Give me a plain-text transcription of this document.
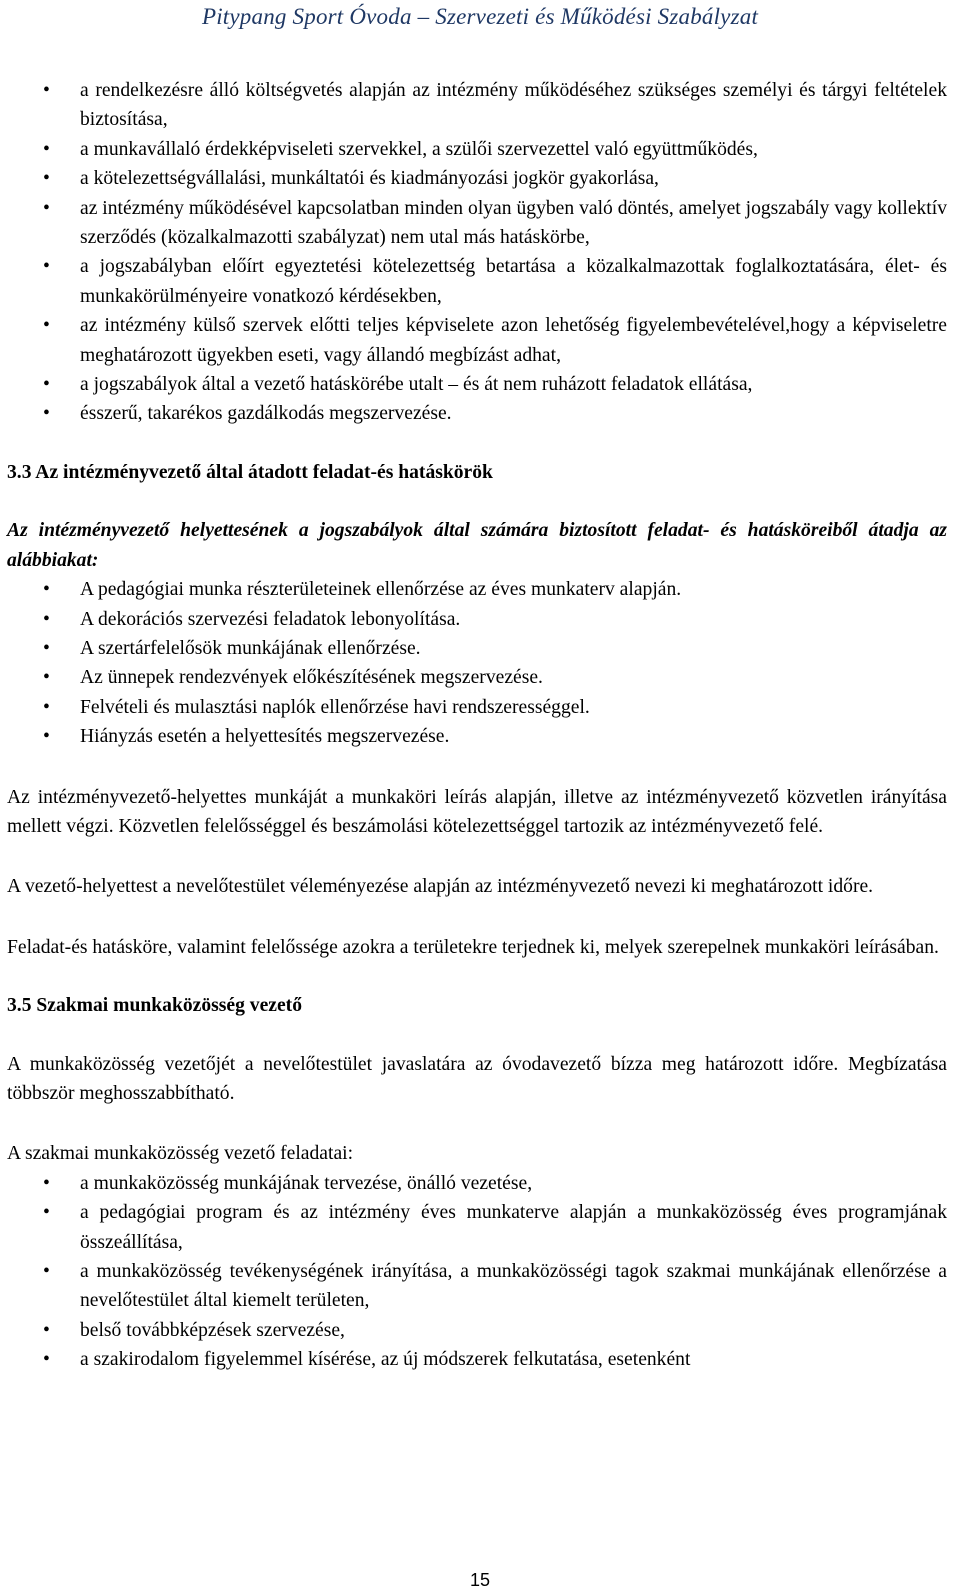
Pitypang Sport Óvoda – Szervezeti és Működési Szabályzat
• a rendelkezésre álló költségvetés alapján az intézmény működéséhez szükséges személyi és tárgyi feltételek biztosítása,
• a munkavállaló érdekképviseleti szervekkel, a szülői szervezettel való együttműködés,
• a kötelezettségvállalási, munkáltatói és kiadmányozási jogkör gyakorlása,
• az intézmény működésével kapcsolatban minden olyan ügyben való döntés, amelyet jogszabály vagy kollektív szerződés (közalkalmazotti szabályzat) nem utal más hatáskörbe,
• a jogszabályban előírt egyeztetési kötelezettség betartása a közalkalmazottak foglalkoztatására, élet- és munkakörülményeire vonatkozó kérdésekben,
• az intézmény külső szervek előtti teljes képviselete azon lehetőség figyelembevételével,hogy a képviseletre meghatározott ügyekben eseti, vagy állandó megbízást adhat,
• a jogszabályok által a vezető hatáskörébe utalt – és át nem ruházott feladatok ellátása,
• ésszerű, takarékos gazdálkodás megszervezése.

3.3 Az intézményvezető által átadott feladat-és hatáskörök

Az intézményvezető helyettesének a jogszabályok által számára biztosított feladat- és hatásköreiből átadja az alábbiakat:

• A pedagógiai munka részterületeinek ellenőrzése az éves munkaterv alapján.
• A dekorációs szervezési feladatok lebonyolítása.
• A szertárfelelősök munkájának ellenőrzése.
• Az ünnepek rendezvények előkészítésének megszervezése.
• Felvételi és mulasztási naplók ellenőrzése havi rendszerességgel.
• Hiányzás esetén a helyettesítés megszervezése.

Az intézményvezető-helyettes munkáját a munkaköri leírás alapján, illetve az intézményvezető közvetlen irányítása mellett végzi. Közvetlen felelősséggel és beszámolási kötelezettséggel tartozik az intézményvezető felé.

A vezető-helyettest a nevelőtestület véleményezése alapján az intézményvezető nevezi ki meghatározott időre.

Feladat-és hatásköre, valamint felelőssége azokra a területekre terjednek ki, melyek szerepelnek munkaköri leírásában.

3.5 Szakmai munkaközösség vezető

A munkaközösség vezetőjét a nevelőtestület javaslatára az óvodavezető bízza meg határozott időre. Megbízatása többször meghosszabbítható.

A szakmai munkaközösség vezető feladatai:

• a munkaközösség munkájának tervezése, önálló vezetése,
• a pedagógiai program és az intézmény éves munkaterve alapján a munkaközösség éves programjának összeállítása,
• a munkaközösség tevékenységének irányítása, a munkaközösségi tagok szakmai munkájának ellenőrzése a nevelőtestület által kiemelt területen,
• belső továbbképzések szervezése,
• a szakirodalom figyelemmel kísérése, az új módszerek felkutatása, esetenként
15
